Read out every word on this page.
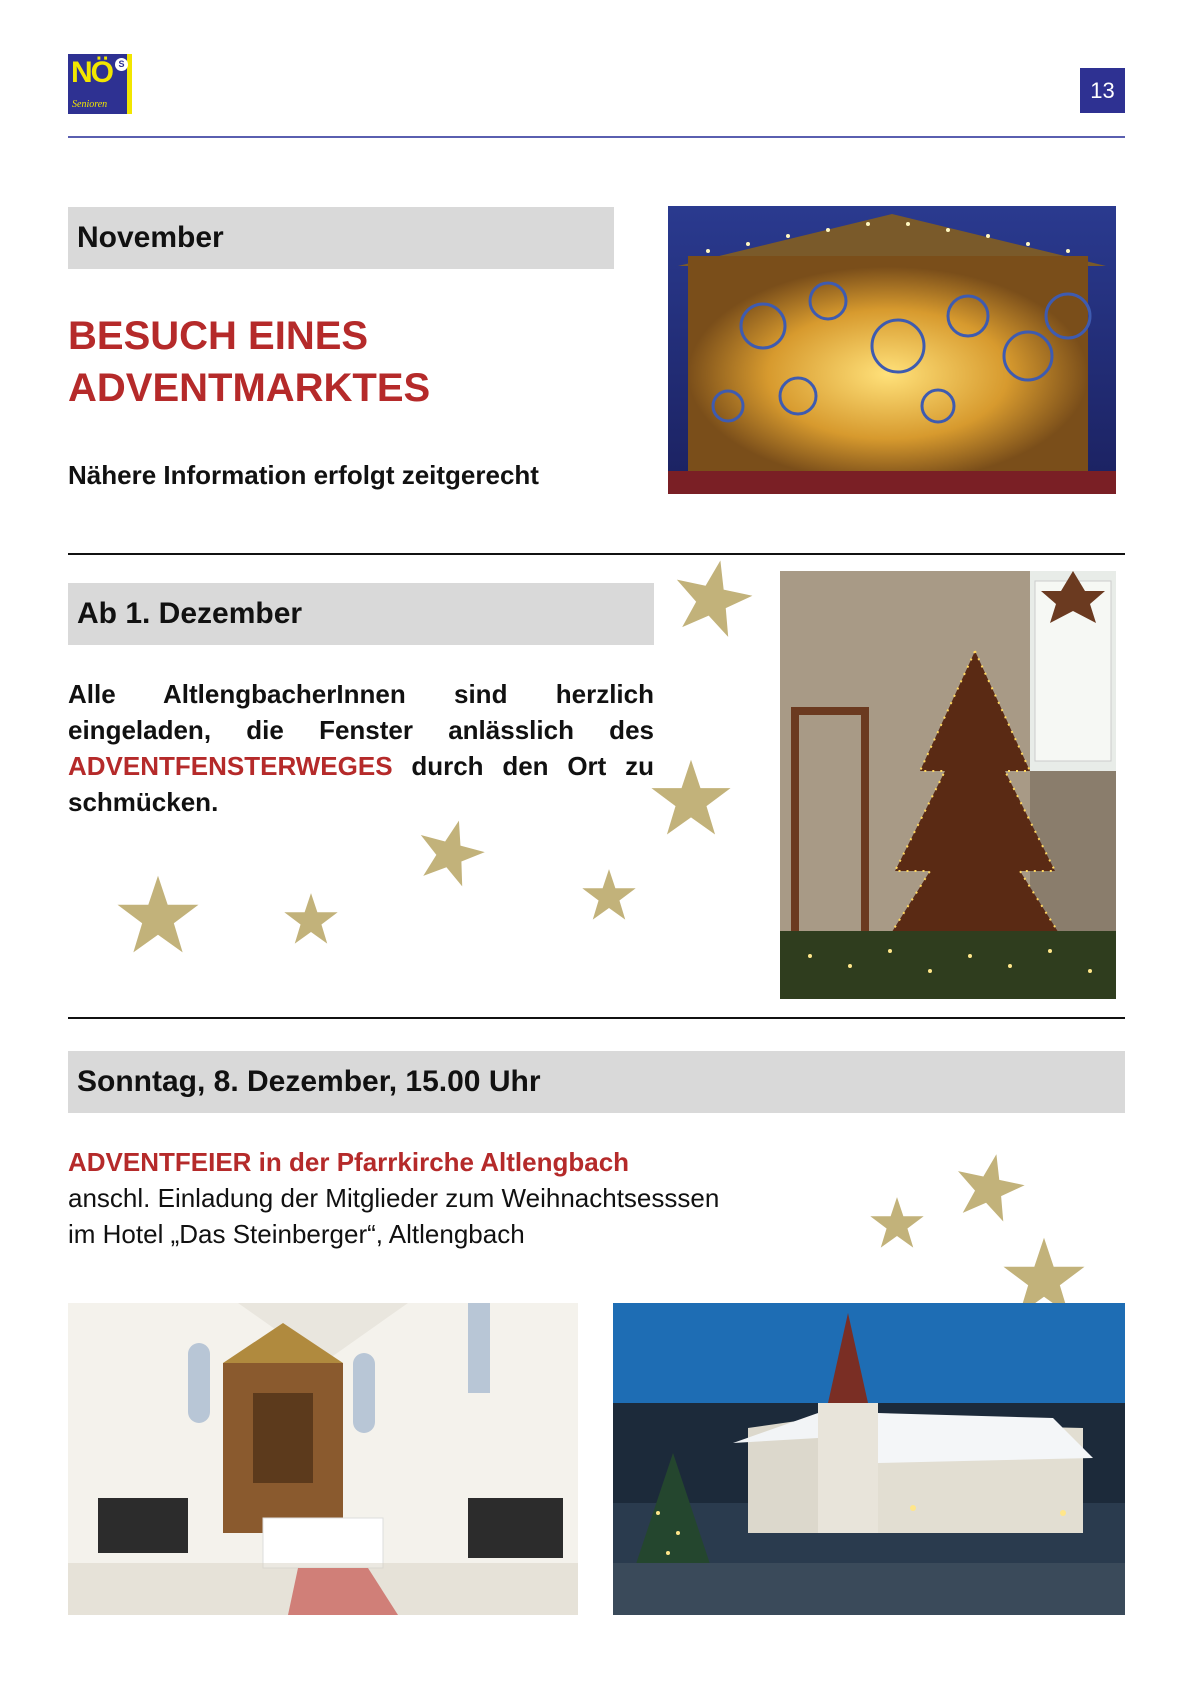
NÖ S
Senioren
13
November
BESUCH EINES
ADVENTMARKTES
Nähere Information erfolgt zeitgerecht
Ab 1. Dezember
Alle AltlengbacherInnen sind herzlich eingeladen, die Fenster anlässlich des ADVENTFENSTERWEGES durch den Ort zu schmücken.
Sonntag, 8. Dezember, 15.00 Uhr
ADVENTFEIER in der Pfarrkirche Altlengbach
anschl. Einladung der Mitglieder zum Weihnachtsesssen
im Hotel „Das Steinberger“, Altlengbach
